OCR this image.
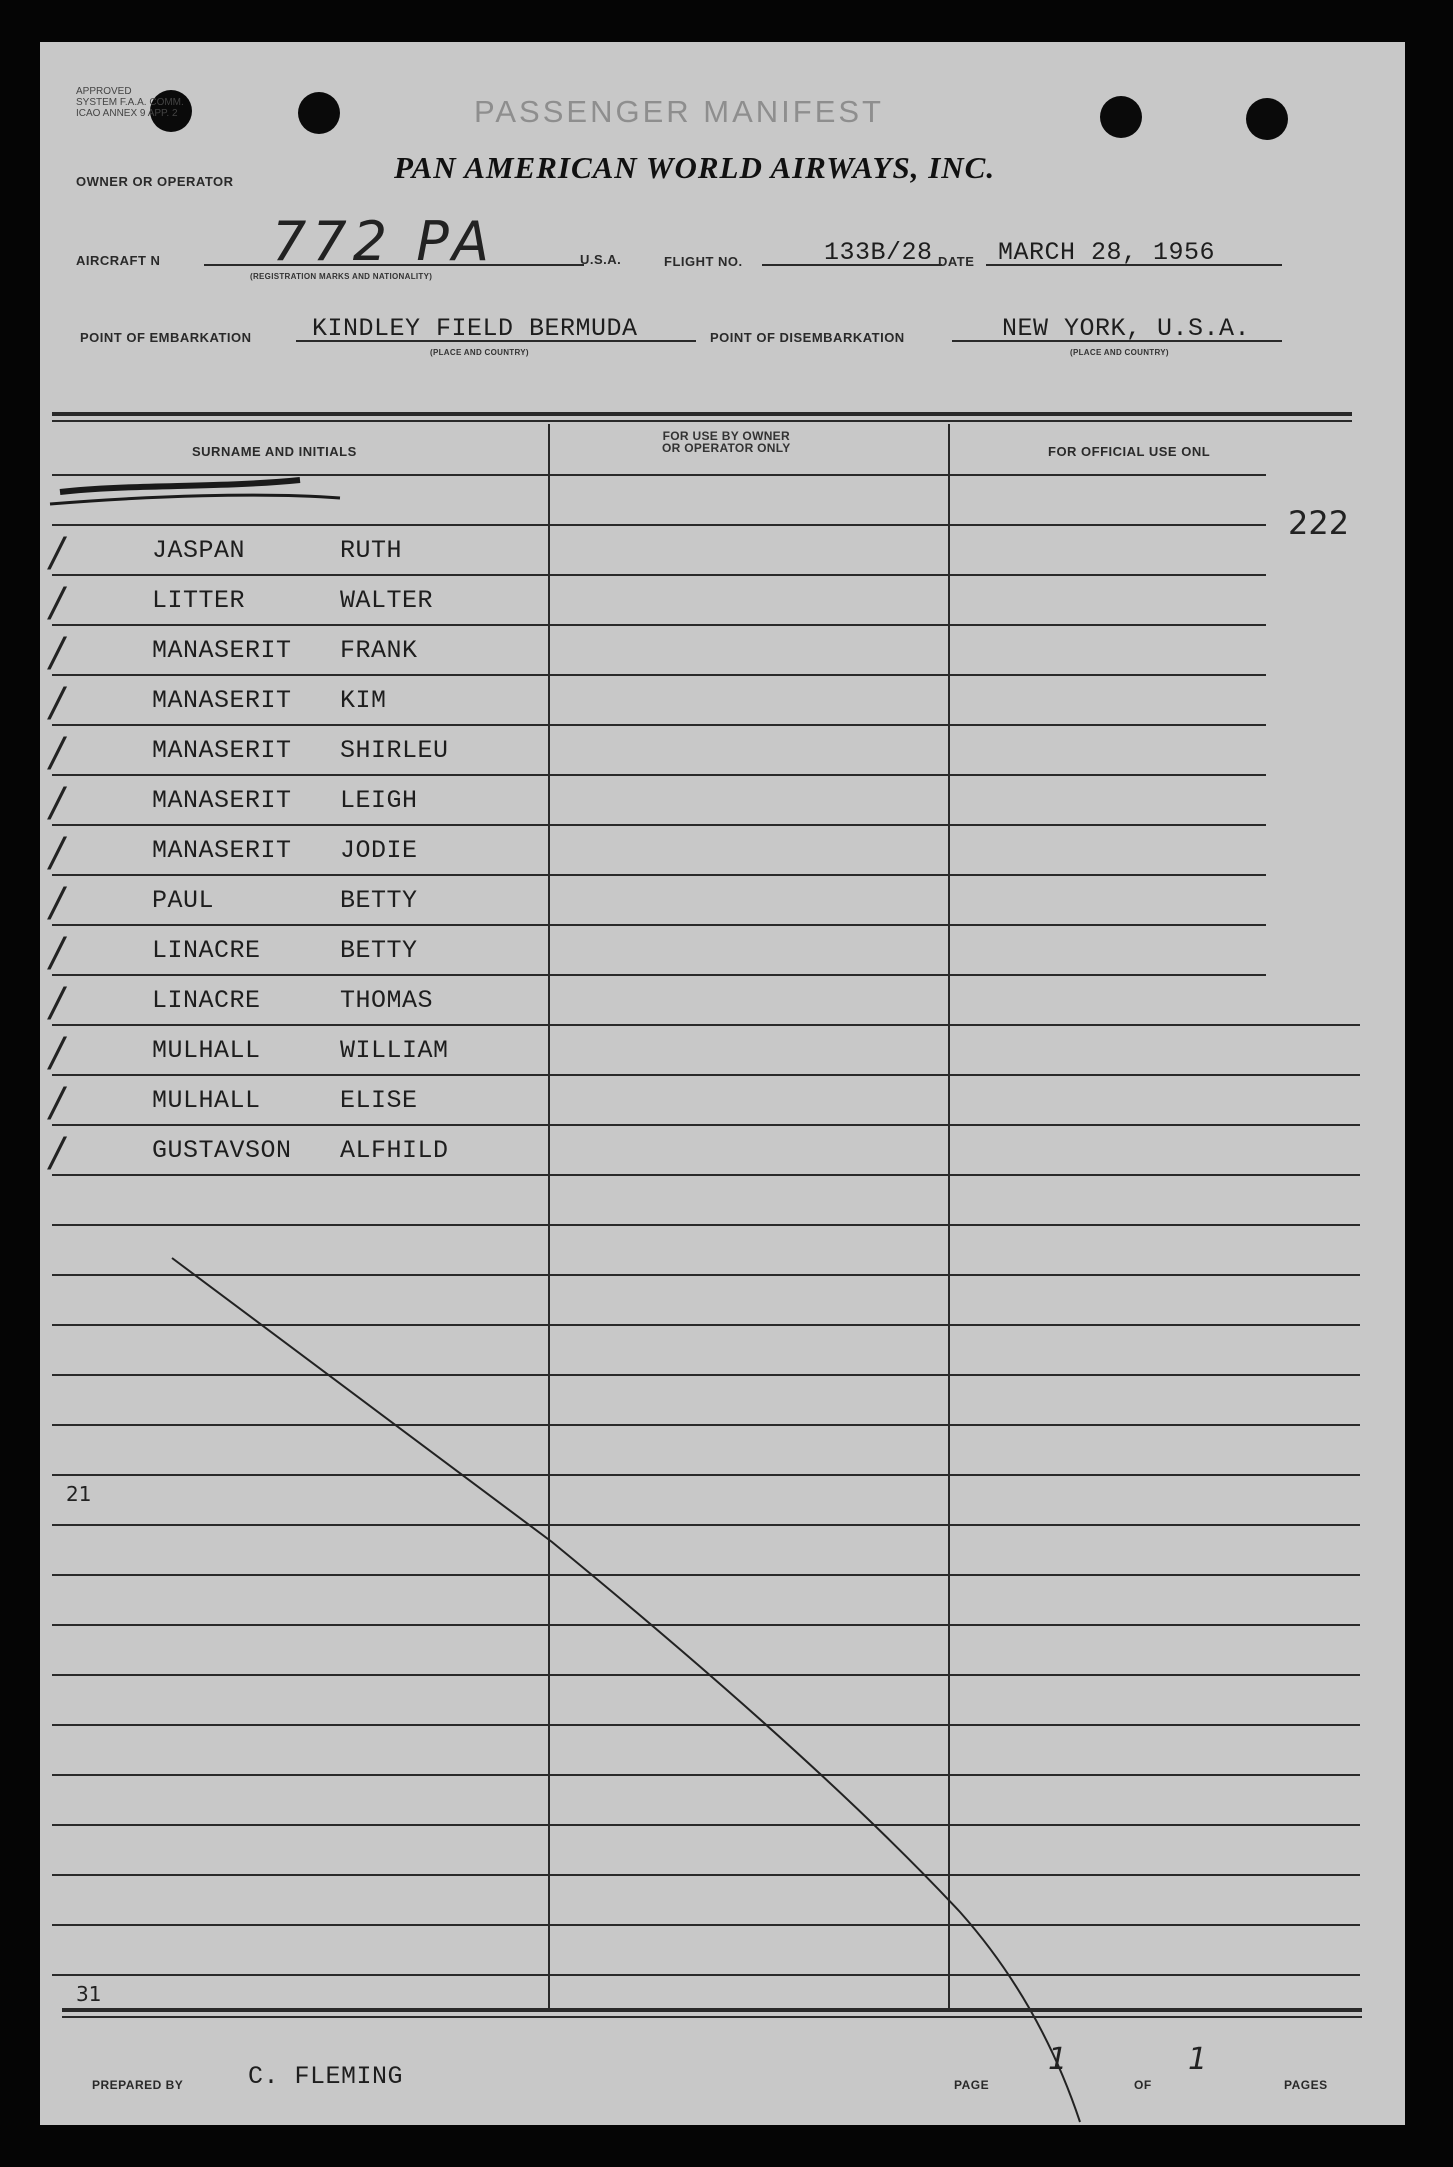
APPROVED
SYSTEM F.A.A. COMM.
ICAO ANNEX 9 APP. 2	PASSENGER MANIFEST
OWNER OR OPERATOR	PAN AMERICAN WORLD AIRWAYS, INC.
AIRCRAFT N 772 PA
(REGISTRATION MARKS AND NATIONALITY)
U.S.A.	FLIGHT NO.	133B/28 DATE MARCH 28, 1956
POINT OF EMBARKATION KINDLEY FIELD BERMUDA
(PLACE AND COUNTRY)
POINT OF DISEMBARKATION	NEW YORK, U.S.A.
(PLACE AND COUNTRY)
SURNAME AND INITIALS
FOR USE BY OWNER
OR OPERATOR ONLY	FOR OFFICIAL USE ONL
222
/	JASPAN	RUTH
/	LITTER	WALTER
/	MANASERIT FRANK
/	MANASERIT KIM
/	MANASERIT SHIRLEU
/	MANASERIT LEIGH
/	MANASERIT JODIE
/	PAUL	BETTY
/	LINACRE	BETTY
/	LINACRE	THOMAS
/	MULHALL	WILLIAM
/	MULHALL	ELISE
/	GUSTAVSON ALFHILD
21
31
PREPARED BY	C. FLEMING	PAGE
1
OF
1
PAGES
